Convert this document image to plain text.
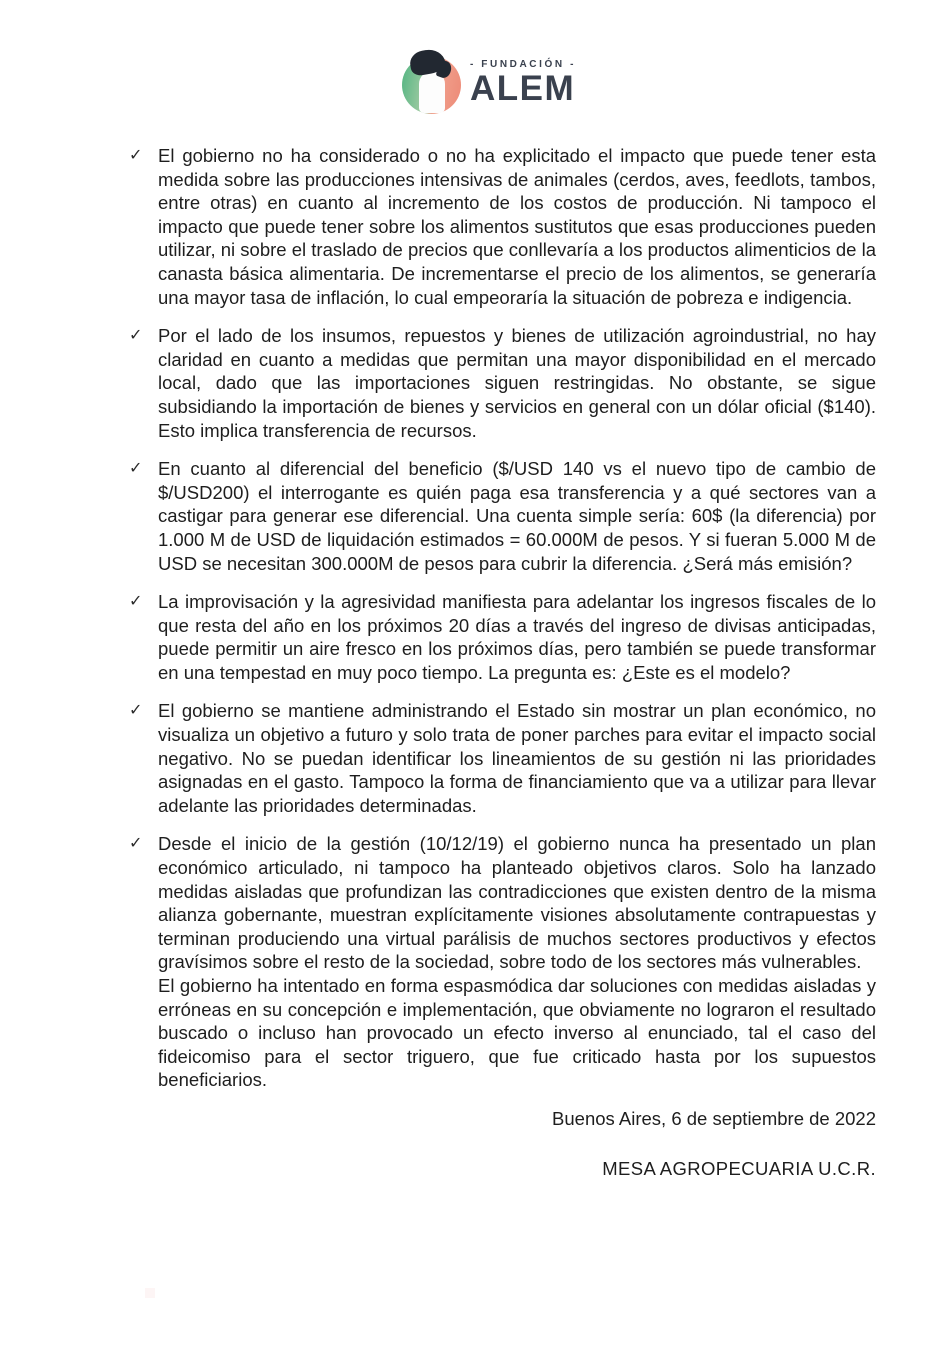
- FUNDACIÓN -
ALEM
✓ El gobierno no ha considerado o no ha explicitado el impacto que puede tener esta medida sobre las producciones intensivas de animales (cerdos, aves, feedlots, tambos, entre otras) en cuanto al incremento de los costos de producción. Ni tampoco el impacto que puede tener sobre los alimentos sustitutos que esas producciones pueden utilizar, ni sobre el traslado de precios que conllevaría a los productos alimenticios de la canasta básica alimentaria. De incrementarse el precio de los alimentos, se generaría una mayor tasa de inflación, lo cual empeoraría la situación de pobreza e indigencia.

✓ Por el lado de los insumos, repuestos y bienes de utilización agroindustrial, no hay claridad en cuanto a medidas que permitan una mayor disponibilidad en el mercado local, dado que las importaciones siguen restringidas. No obstante, se sigue subsidiando la importación de bienes y servicios en general con un dólar oficial ($140). Esto implica transferencia de recursos.

✓ En cuanto al diferencial del beneficio ($/USD 140 vs el nuevo tipo de cambio de $/USD200) el interrogante es quién paga esa transferencia y a qué sectores van a castigar para generar ese diferencial. Una cuenta simple sería: 60$ (la diferencia) por 1.000 M de USD de liquidación estimados = 60.000M de pesos. Y si fueran 5.000 M de USD se necesitan 300.000M de pesos para cubrir la diferencia. ¿Será más emisión?

✓ La improvisación y la agresividad manifiesta para adelantar los ingresos fiscales de lo que resta del año en los próximos 20 días a través del ingreso de divisas anticipadas, puede permitir un aire fresco en los próximos días, pero también se puede transformar en una tempestad en muy poco tiempo. La pregunta es: ¿Este es el modelo?

✓ El gobierno se mantiene administrando el Estado sin mostrar un plan económico, no visualiza un objetivo a futuro y solo trata de poner parches para evitar el impacto social negativo. No se puedan identificar los lineamientos de su gestión ni las prioridades asignadas en el gasto. Tampoco la forma de financiamiento que va a utilizar para llevar adelante las prioridades determinadas.

✓ Desde el inicio de la gestión (10/12/19) el gobierno nunca ha presentado un plan económico articulado, ni tampoco ha planteado objetivos claros. Solo ha lanzado medidas aisladas que profundizan las contradicciones que existen dentro de la misma alianza gobernante, muestran explícitamente visiones absolutamente contrapuestas y terminan produciendo una virtual parálisis de muchos sectores productivos y efectos gravísimos sobre el resto de la sociedad, sobre todo de los sectores más vulnerables.

El gobierno ha intentado en forma espasmódica dar soluciones con medidas aisladas y erróneas en su concepción e implementación, que obviamente no lograron el resultado buscado o incluso han provocado un efecto inverso al enunciado, tal el caso del fideicomiso para el sector triguero, que fue criticado hasta por los supuestos beneficiarios.

Buenos Aires, 6 de septiembre de 2022

MESA AGROPECUARIA U.C.R.
